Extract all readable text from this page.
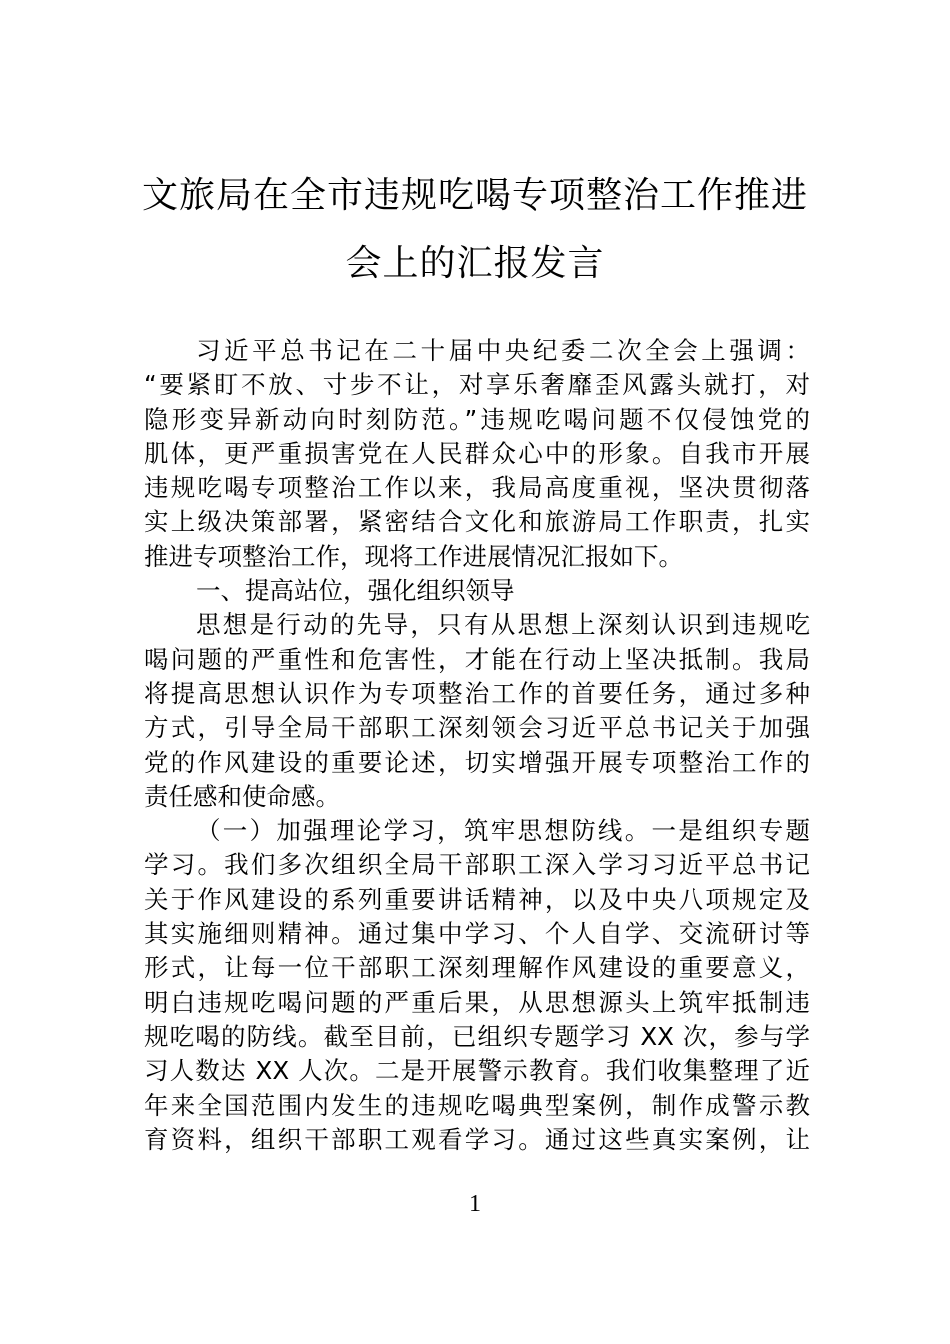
文旅局在全市违规吃喝专项整治工作推进
会上的汇报发言
习近平总书记在二十届中央纪委二次全会上强调：
“要紧盯不放、寸步不让，对享乐奢靡歪风露头就打，对
隐形变异新动向时刻防范。”违规吃喝问题不仅侵蚀党的
肌体，更严重损害党在人民群众心中的形象。自我市开展
违规吃喝专项整治工作以来，我局高度重视，坚决贯彻落
实上级决策部署，紧密结合文化和旅游局工作职责，扎实
推进专项整治工作，现将工作进展情况汇报如下。
一、提高站位，强化组织领导
思想是行动的先导，只有从思想上深刻认识到违规吃
喝问题的严重性和危害性，才能在行动上坚决抵制。我局
将提高思想认识作为专项整治工作的首要任务，通过多种
方式，引导全局干部职工深刻领会习近平总书记关于加强
党的作风建设的重要论述，切实增强开展专项整治工作的
责任感和使命感。
（一）加强理论学习，筑牢思想防线。一是组织专题
学习。我们多次组织全局干部职工深入学习习近平总书记
关于作风建设的系列重要讲话精神，以及中央八项规定及
其实施细则精神。通过集中学习、个人自学、交流研讨等
形式，让每一位干部职工深刻理解作风建设的重要意义，
明白违规吃喝问题的严重后果，从思想源头上筑牢抵制违
规吃喝的防线。截至目前，已组织专题学习 XX 次，参与学
习人数达 XX 人次。二是开展警示教育。我们收集整理了近
年来全国范围内发生的违规吃喝典型案例，制作成警示教
育资料，组织干部职工观看学习。通过这些真实案例，让
1
